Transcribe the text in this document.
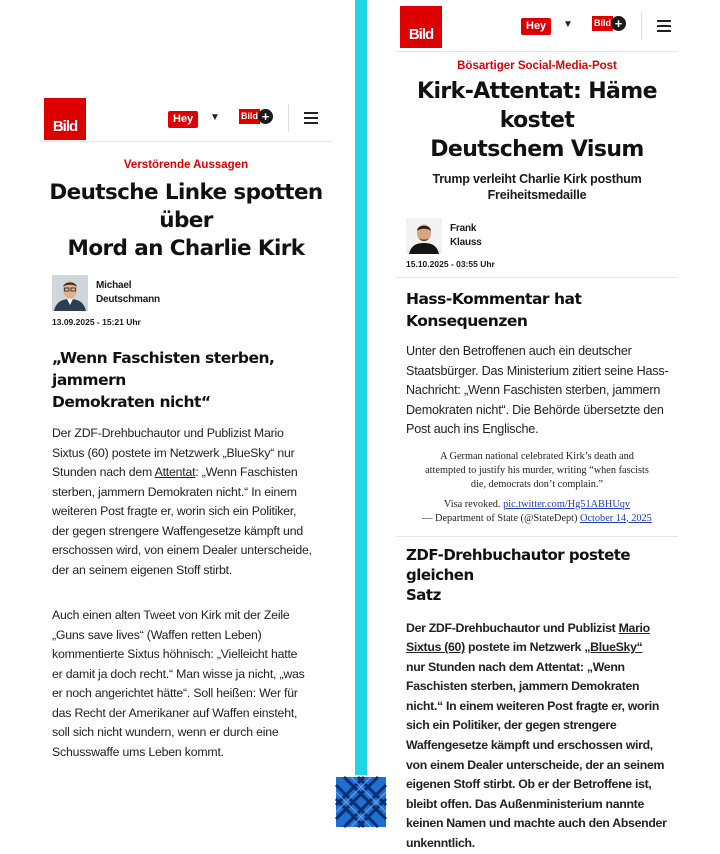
Bild	Hey	▼ Bild +
Verstörende Aussagen
Deutsche Linke spotten über
Mord an Charlie Kirk
Michael
Deutschmann
13.09.2025 - 15:21 Uhr
„Wenn Faschisten sterben, jammern
Demokraten nicht“
Der ZDF-Drehbuchautor und Publizist Mario
Sixtus (60) postete im Netzwerk „BlueSky“ nur
Stunden nach dem Attentat: „Wenn Faschisten
sterben, jammern Demokraten nicht.“ In einem
weiteren Post fragte er, worin sich ein Politiker,
der gegen strengere Waffengesetze kämpft und
erschossen wird, von einem Dealer unterscheide,
der an seinem eigenen Stoff stirbt.
Auch einen alten Tweet von Kirk mit der Zeile
„Guns save lives“ (Waffen retten Leben)
kommentierte Sixtus höhnisch: „Vielleicht hatte
er damit ja doch recht.“ Man wisse ja nicht, „was
er noch angerichtet hätte“. Soll heißen: Wer für
das Recht der Amerikaner auf Waffen einsteht,
soll sich nicht wundern, wenn er durch eine
Schusswaffe ums Leben kommt.
Bild	Hey	▼ Bild +
Bösartiger Social-Media-Post
Kirk-Attentat: Häme kostet
Deutschem Visum
Trump verleiht Charlie Kirk posthum
Freiheitsmedaille
Frank
Klauss
15.10.2025 - 03:55 Uhr
Hass-Kommentar hat Konsequenzen
Unter den Betroffenen auch ein deutscher
Staatsbürger. Das Ministerium zitiert seine Hass-
Nachricht: „Wenn Faschisten sterben, jammern
Demokraten nicht“. Die Behörde übersetzte den
Post auch ins Englische.
A German national celebrated Kirk’s death and
attempted to justify his murder, writing “when fascists
die, democrats don’t complain.”
Visa revoked. pic.twitter.com/Hg51ABHUqv
— Department of State (@StateDept) October 14, 2025
ZDF-Drehbuchautor postete gleichen
Satz
Der ZDF-Drehbuchautor und Publizist Mario
Sixtus (60) postete im Netzwerk „BlueSky“
nur Stunden nach dem Attentat: „Wenn
Faschisten sterben, jammern Demokraten
nicht.“ In einem weiteren Post fragte er, worin
sich ein Politiker, der gegen strengere
Waffengesetze kämpft und erschossen wird,
von einem Dealer unterscheide, der an seinem
eigenen Stoff stirbt. Ob er der Betroffene ist,
bleibt offen. Das Außenministerium nannte
keinen Namen und machte auch den Absender
unkenntlich.
